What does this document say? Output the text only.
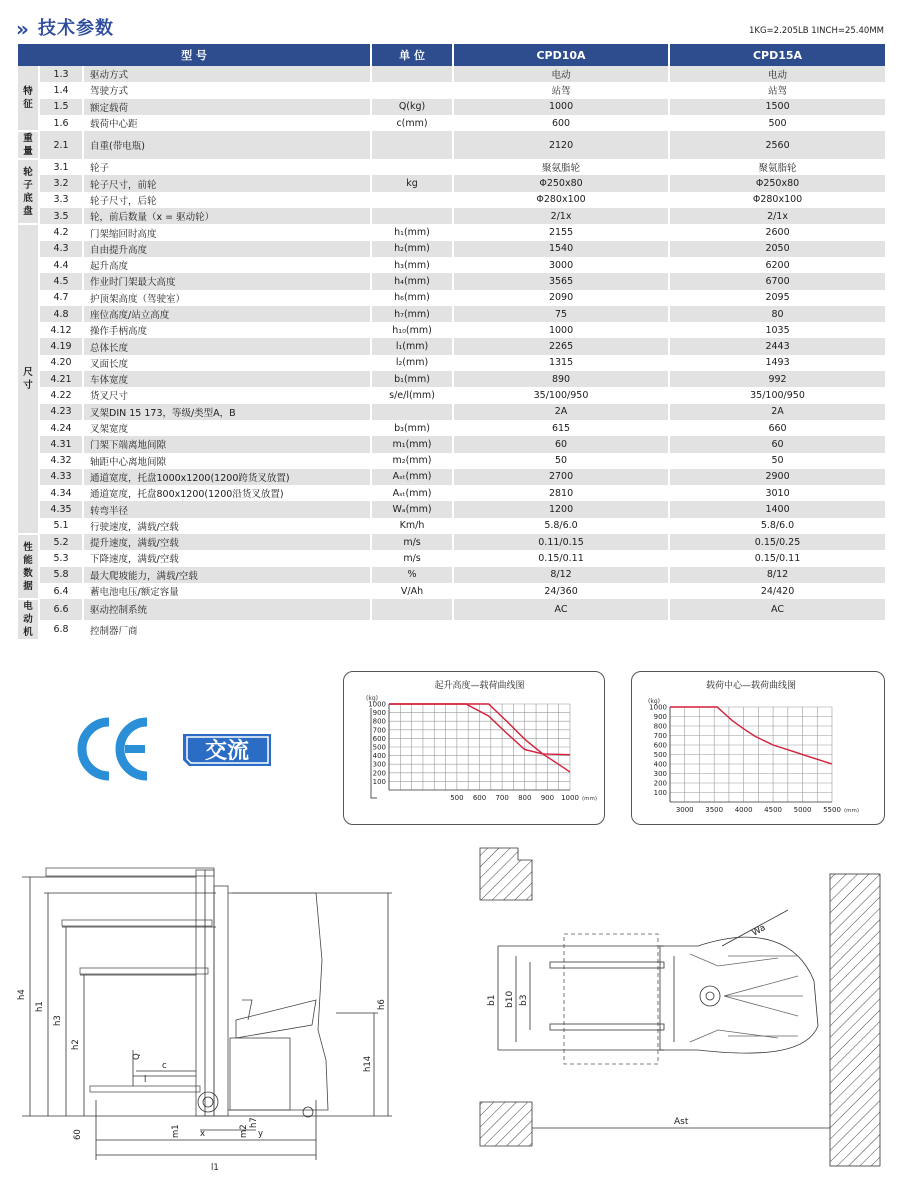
» 技术参数	1KG=2.205LB 1INCH=25.40MM
型 号			单 位	CPD10A	CPD15A
特征	1.3	驱动方式		电动	电动
	1.4	驾驶方式		站驾	站驾
	1.5	额定载荷	Q(kg)	1000	1500
	1.6	载荷中心距	c(mm)	600	500
重量	2.1	自重(带电瓶)		2120	2560
轮子底盘	3.1	轮子		聚氨脂轮	聚氨脂轮
	3.2	轮子尺寸，前轮	kg	Φ250x80	Φ250x80
	3.3	轮子尺寸，后轮		Φ280x100	Φ280x100
	3.5	轮，前后数量（x = 驱动轮）		2/1x	2/1x
尺寸	4.2	门架缩回时高度	h₁(mm)	2155	2600
	4.3	自由提升高度	h₂(mm)	1540	2050
	4.4	起升高度	h₃(mm)	3000	6200
	4.5	作业时门架最大高度	h₄(mm)	3565	6700
	4.7	护顶架高度（驾驶室）	h₆(mm)	2090	2095
	4.8	座位高度/站立高度	h₇(mm)	75	80
	4.12	操作手柄高度	h₁₀(mm)	1000	1035
	4.19	总体长度	l₁(mm)	2265	2443
	4.20	叉面长度	l₂(mm)	1315	1493
	4.21	车体宽度	b₁(mm)	890	992
	4.22	货叉尺寸	s/e/l(mm)	35/100/950	35/100/950
	4.23	叉架DIN 15 173，等级/类型A，B		2A	2A
	4.24	叉架宽度	b₃(mm)	615	660
	4.31	门架下端离地间隙	m₁(mm)	60	60
	4.32	轴距中心离地间隙	m₂(mm)	50	50
	4.33	通道宽度，托盘1000x1200(1200跨货叉放置)	Aₛₜ(mm)	2700	2900
	4.34	通道宽度，托盘800x1200(1200沿货叉放置)	Aₛₜ(mm)	2810	3010
	4.35	转弯半径	Wₐ(mm)	1200	1400
	5.1	行驶速度，满载/空载	Km/h	5.8/6.0	5.8/6.0
性能数据	5.2	提升速度，满载/空载	m/s	0.11/0.15	0.15/0.25
	5.3	下降速度，满载/空载	m/s	0.15/0.11	0.15/0.11
	5.8	最大爬坡能力，满载/空载	%	8/12	8/12
	6.4	蓄电池电压/额定容量	V/Ah	24/360	24/420
电动机	6.6	驱动控制系统		AC	AC
	6.8	控制器厂商			
CE
交流
起升高度—载荷曲线图
(kg)
100
200
300
400
500
600
700
800
900
1000
500 600 700 800 900 1000 (mm)
载荷中心—载荷曲线图
(kg)
100
200
300
400
500
600
700
800
900
1000
3000 3500 4000 4500 5000 5500 (mm)
h4
h1
h3
h2
h6
h14
Q
c
l
60	m1	m2
h7
x	y
l1
b1 b10 b3
Wa
Ast
